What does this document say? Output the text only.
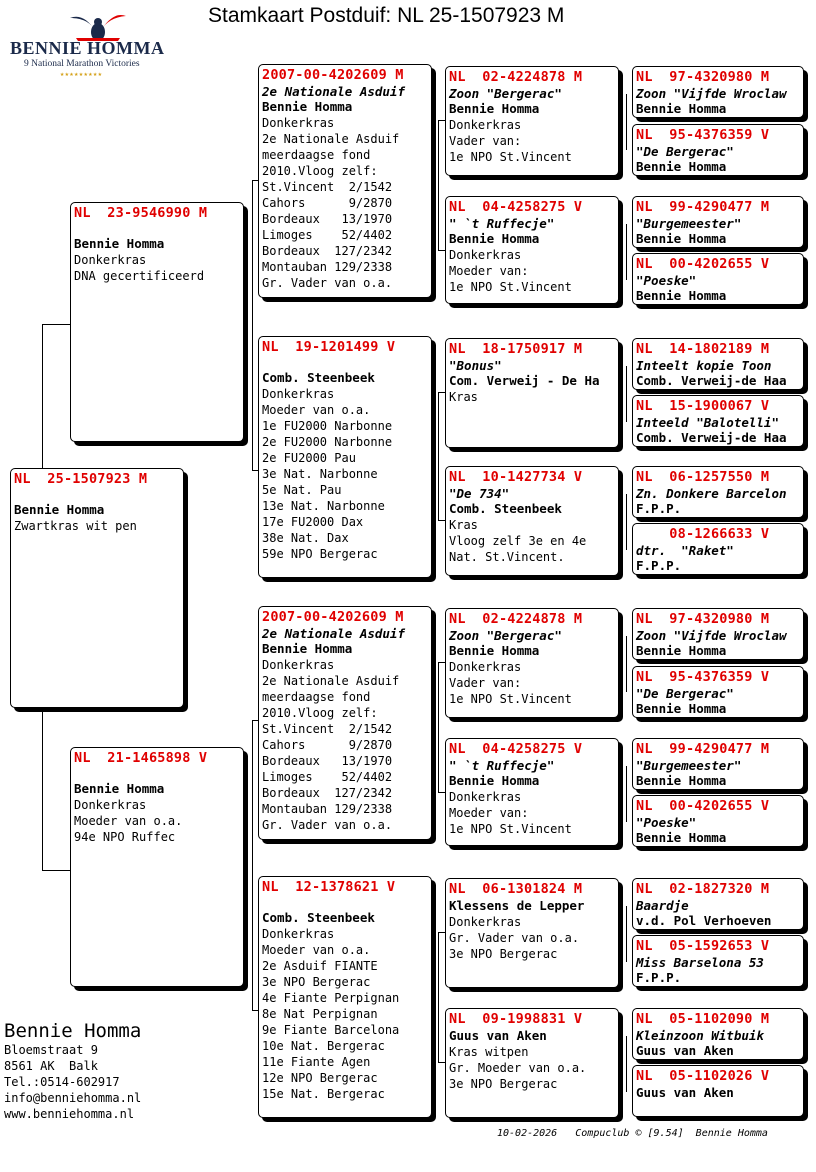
Stamkaart Postduif: NL 25-1507923 M
BENNIE HOMMA
9 National Marathon Victories
★★★★★★★★★
NL  25-1507923 M
Bennie Homma
Zwartkras wit pen
NL  23-9546990 M
Bennie Homma
Donkerkras
DNA gecertificeerd
NL  21-1465898 V
Bennie Homma
Donkerkras
Moeder van o.a.
94e NPO Ruffec
2007-00-4202609 M
2e Nationale Asduif
Bennie Homma
Donkerkras
2e Nationale Asduif
meerdaagse fond
2010.Vloog zelf:
St.Vincent  2/1542
Cahors      9/2870
Bordeaux   13/1970
Limoges    52/4402
Bordeaux  127/2342
Montauban 129/2338
Gr. Vader van o.a.
NL  19-1201499 V
Comb. Steenbeek
Donkerkras
Moeder van o.a.
1e FU2000 Narbonne
2e FU2000 Narbonne
2e FU2000 Pau
3e Nat. Narbonne
5e Nat. Pau
13e Nat. Narbonne
17e FU2000 Dax
38e Nat. Dax
59e NPO Bergerac
2007-00-4202609 M
2e Nationale Asduif
Bennie Homma
Donkerkras
2e Nationale Asduif
meerdaagse fond
2010.Vloog zelf:
St.Vincent  2/1542
Cahors      9/2870
Bordeaux   13/1970
Limoges    52/4402
Bordeaux  127/2342
Montauban 129/2338
Gr. Vader van o.a.
NL  12-1378621 V
Comb. Steenbeek
Donkerkras
Moeder van o.a.
2e Asduif FIANTE
3e NPO Bergerac
4e Fiante Perpignan
8e Nat Perpignan
9e Fiante Barcelona
10e Nat. Bergerac
11e Fiante Agen
12e NPO Bergerac
15e Nat. Bergerac
NL  02-4224878 M
Zoon "Bergerac"
Bennie Homma
Donkerkras
Vader van:
1e NPO St.Vincent
NL  04-4258275 V
" `t Ruffecje"
Bennie Homma
Donkerkras
Moeder van:
1e NPO St.Vincent
NL  18-1750917 M
"Bonus"
Com. Verweij - De Ha
Kras
NL  10-1427734 V
"De 734"
Comb. Steenbeek
Kras
Vloog zelf 3e en 4e
Nat. St.Vincent.
NL  02-4224878 M
Zoon "Bergerac"
Bennie Homma
Donkerkras
Vader van:
1e NPO St.Vincent
NL  04-4258275 V
" `t Ruffecje"
Bennie Homma
Donkerkras
Moeder van:
1e NPO St.Vincent
NL  06-1301824 M
Klessens de Lepper
Donkerkras
Gr. Vader van o.a.
3e NPO Bergerac
NL  09-1998831 V
Guus van Aken
Kras witpen
Gr. Moeder van o.a.
3e NPO Bergerac
NL  97-4320980 M
Zoon "Vijfde Wroclaw
Bennie Homma
NL  95-4376359 V
"De Bergerac"
Bennie Homma
NL  99-4290477 M
"Burgemeester"
Bennie Homma
NL  00-4202655 V
"Poeske"
Bennie Homma
NL  14-1802189 M
Inteelt kopie Toon
Comb. Verweij-de Haa
NL  15-1900067 V
Inteeld "Balotelli"
Comb. Verweij-de Haa
NL  06-1257550 M
Zn. Donkere Barcelon
F.P.P.
08-1266633 V
dtr.  "Raket"
F.P.P.
NL  97-4320980 M
Zoon "Vijfde Wroclaw
Bennie Homma
NL  95-4376359 V
"De Bergerac"
Bennie Homma
NL  99-4290477 M
"Burgemeester"
Bennie Homma
NL  00-4202655 V
"Poeske"
Bennie Homma
NL  02-1827320 M
Baardje
v.d. Pol Verhoeven
NL  05-1592653 V
Miss Barselona 53
F.P.P.
NL  05-1102090 M
Kleinzoon Witbuik
Guus van Aken
NL  05-1102026 V
Guus van Aken
Bennie Homma
Bloemstraat 9
8561 AK  Balk
Tel.:0514-602917
info@benniehomma.nl
www.benniehomma.nl
10-02-2026   Compuclub © [9.54]  Bennie Homma
